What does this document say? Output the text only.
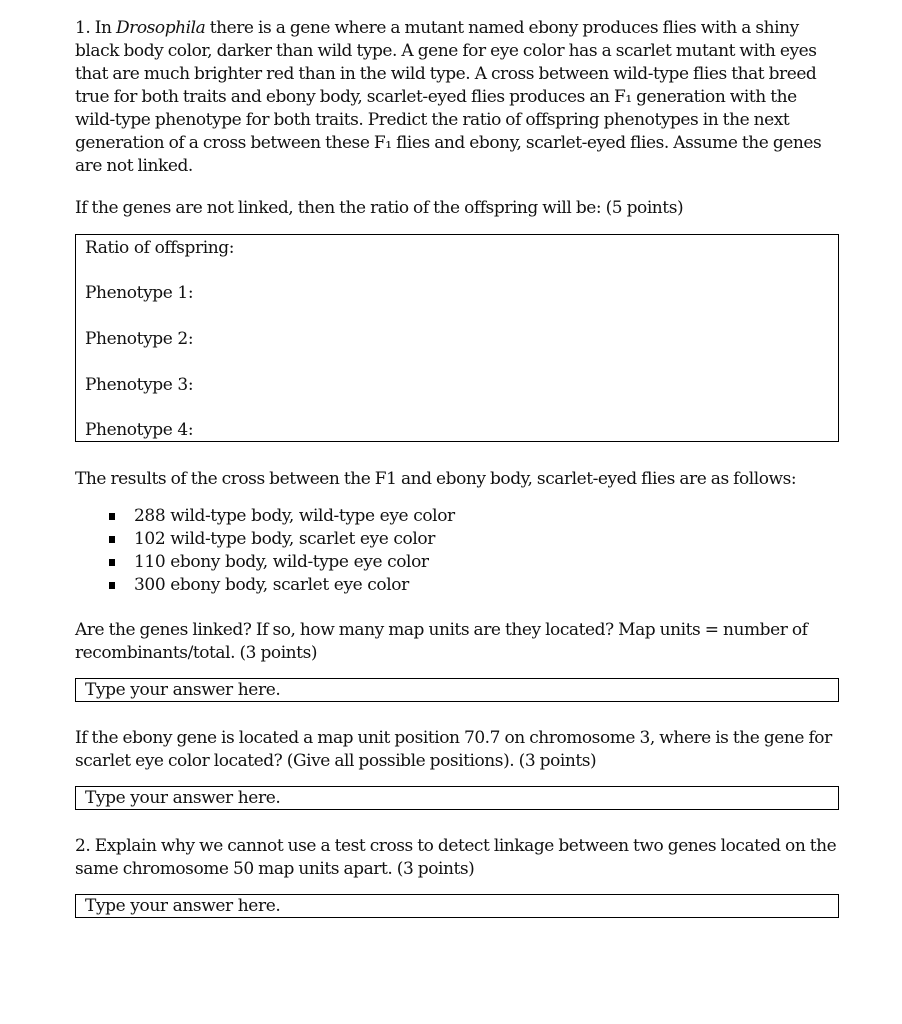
1. In Drosophila there is a gene where a mutant named ebony produces flies with a shiny black body color, darker than wild type. A gene for eye color has a scarlet mutant with eyes that are much brighter red than in the wild type. A cross between wild-type flies that breed true for both traits and ebony body, scarlet-eyed flies produces an F₁ generation with the wild-type phenotype for both traits. Predict the ratio of offspring phenotypes in the next generation of a cross between these F₁ flies and ebony, scarlet-eyed flies. Assume the genes are not linked.

If the genes are not linked, then the ratio of the offspring will be: (5 points)

Ratio of offspring:
Phenotype 1:
Phenotype 2:
Phenotype 3:
Phenotype 4:

The results of the cross between the F1 and ebony body, scarlet-eyed flies are as follows:

288 wild-type body, wild-type eye color
102 wild-type body, scarlet eye color
110 ebony body, wild-type eye color
300 ebony body, scarlet eye color

Are the genes linked? If so, how many map units are they located? Map units = number of recombinants/total. (3 points)

Type your answer here.

If the ebony gene is located a map unit position 70.7 on chromosome 3, where is the gene for scarlet eye color located? (Give all possible positions). (3 points)

Type your answer here.

2. Explain why we cannot use a test cross to detect linkage between two genes located on the same chromosome 50 map units apart. (3 points)

Type your answer here.
